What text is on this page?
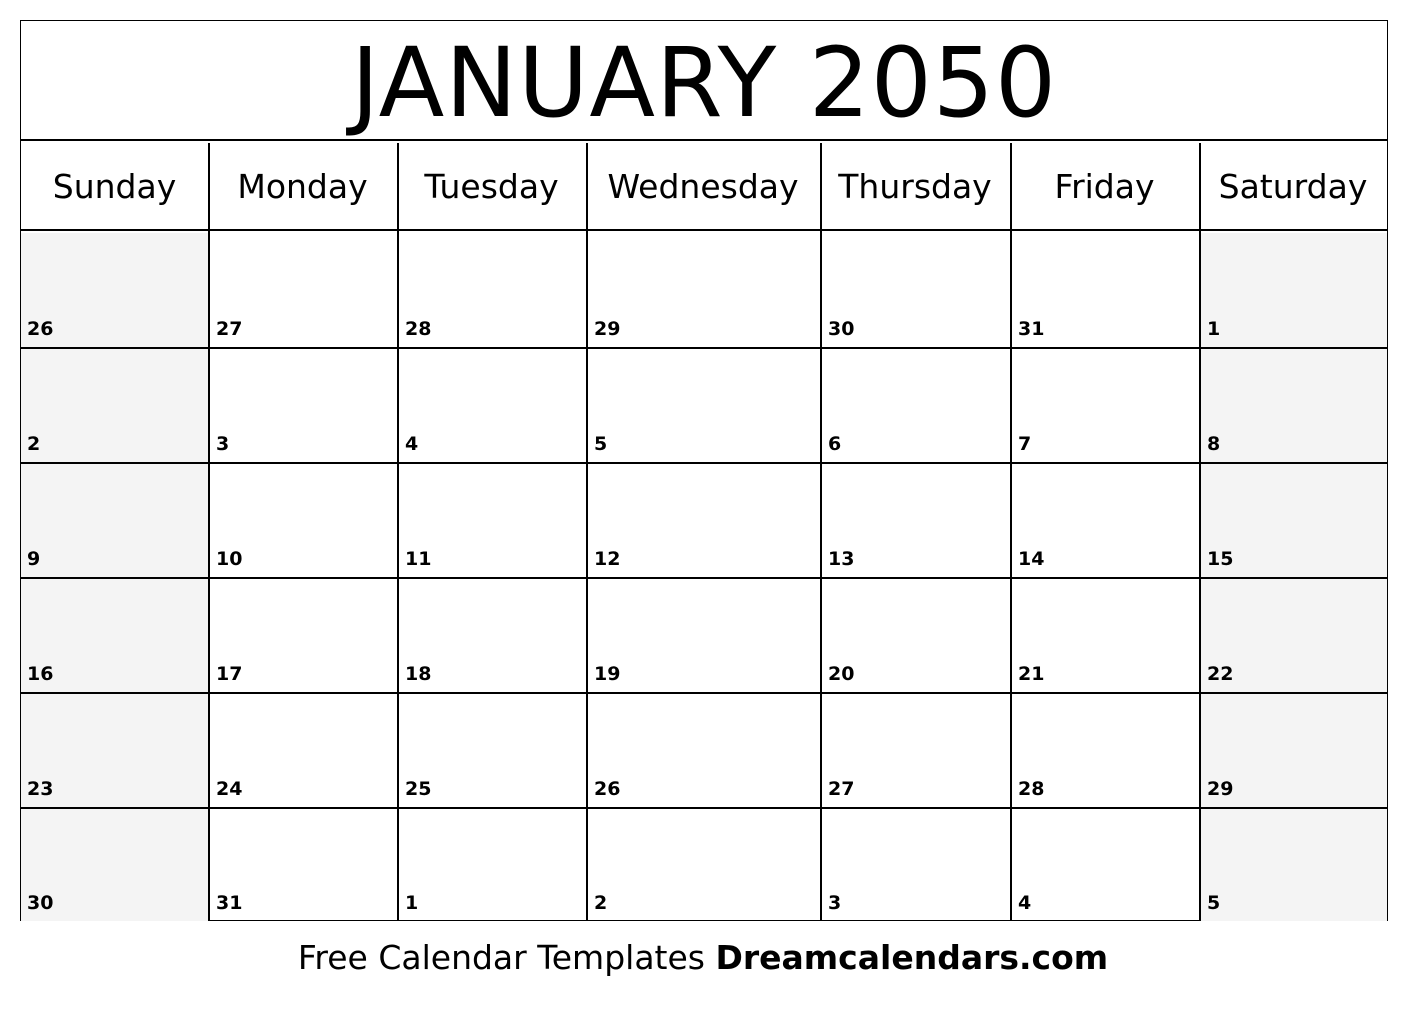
JANUARY 2050
Sunday	Monday	Tuesday	Wednesday	Thursday	Friday	Saturday
26	27	28	29	30	31	1
2	3	4	5	6	7	8
9	10	11	12	13	14	15
16	17	18	19	20	21	22
23	24	25	26	27	28	29
30	31	1	2	3	4	5
Free Calendar Templates Dreamcalendars.com
